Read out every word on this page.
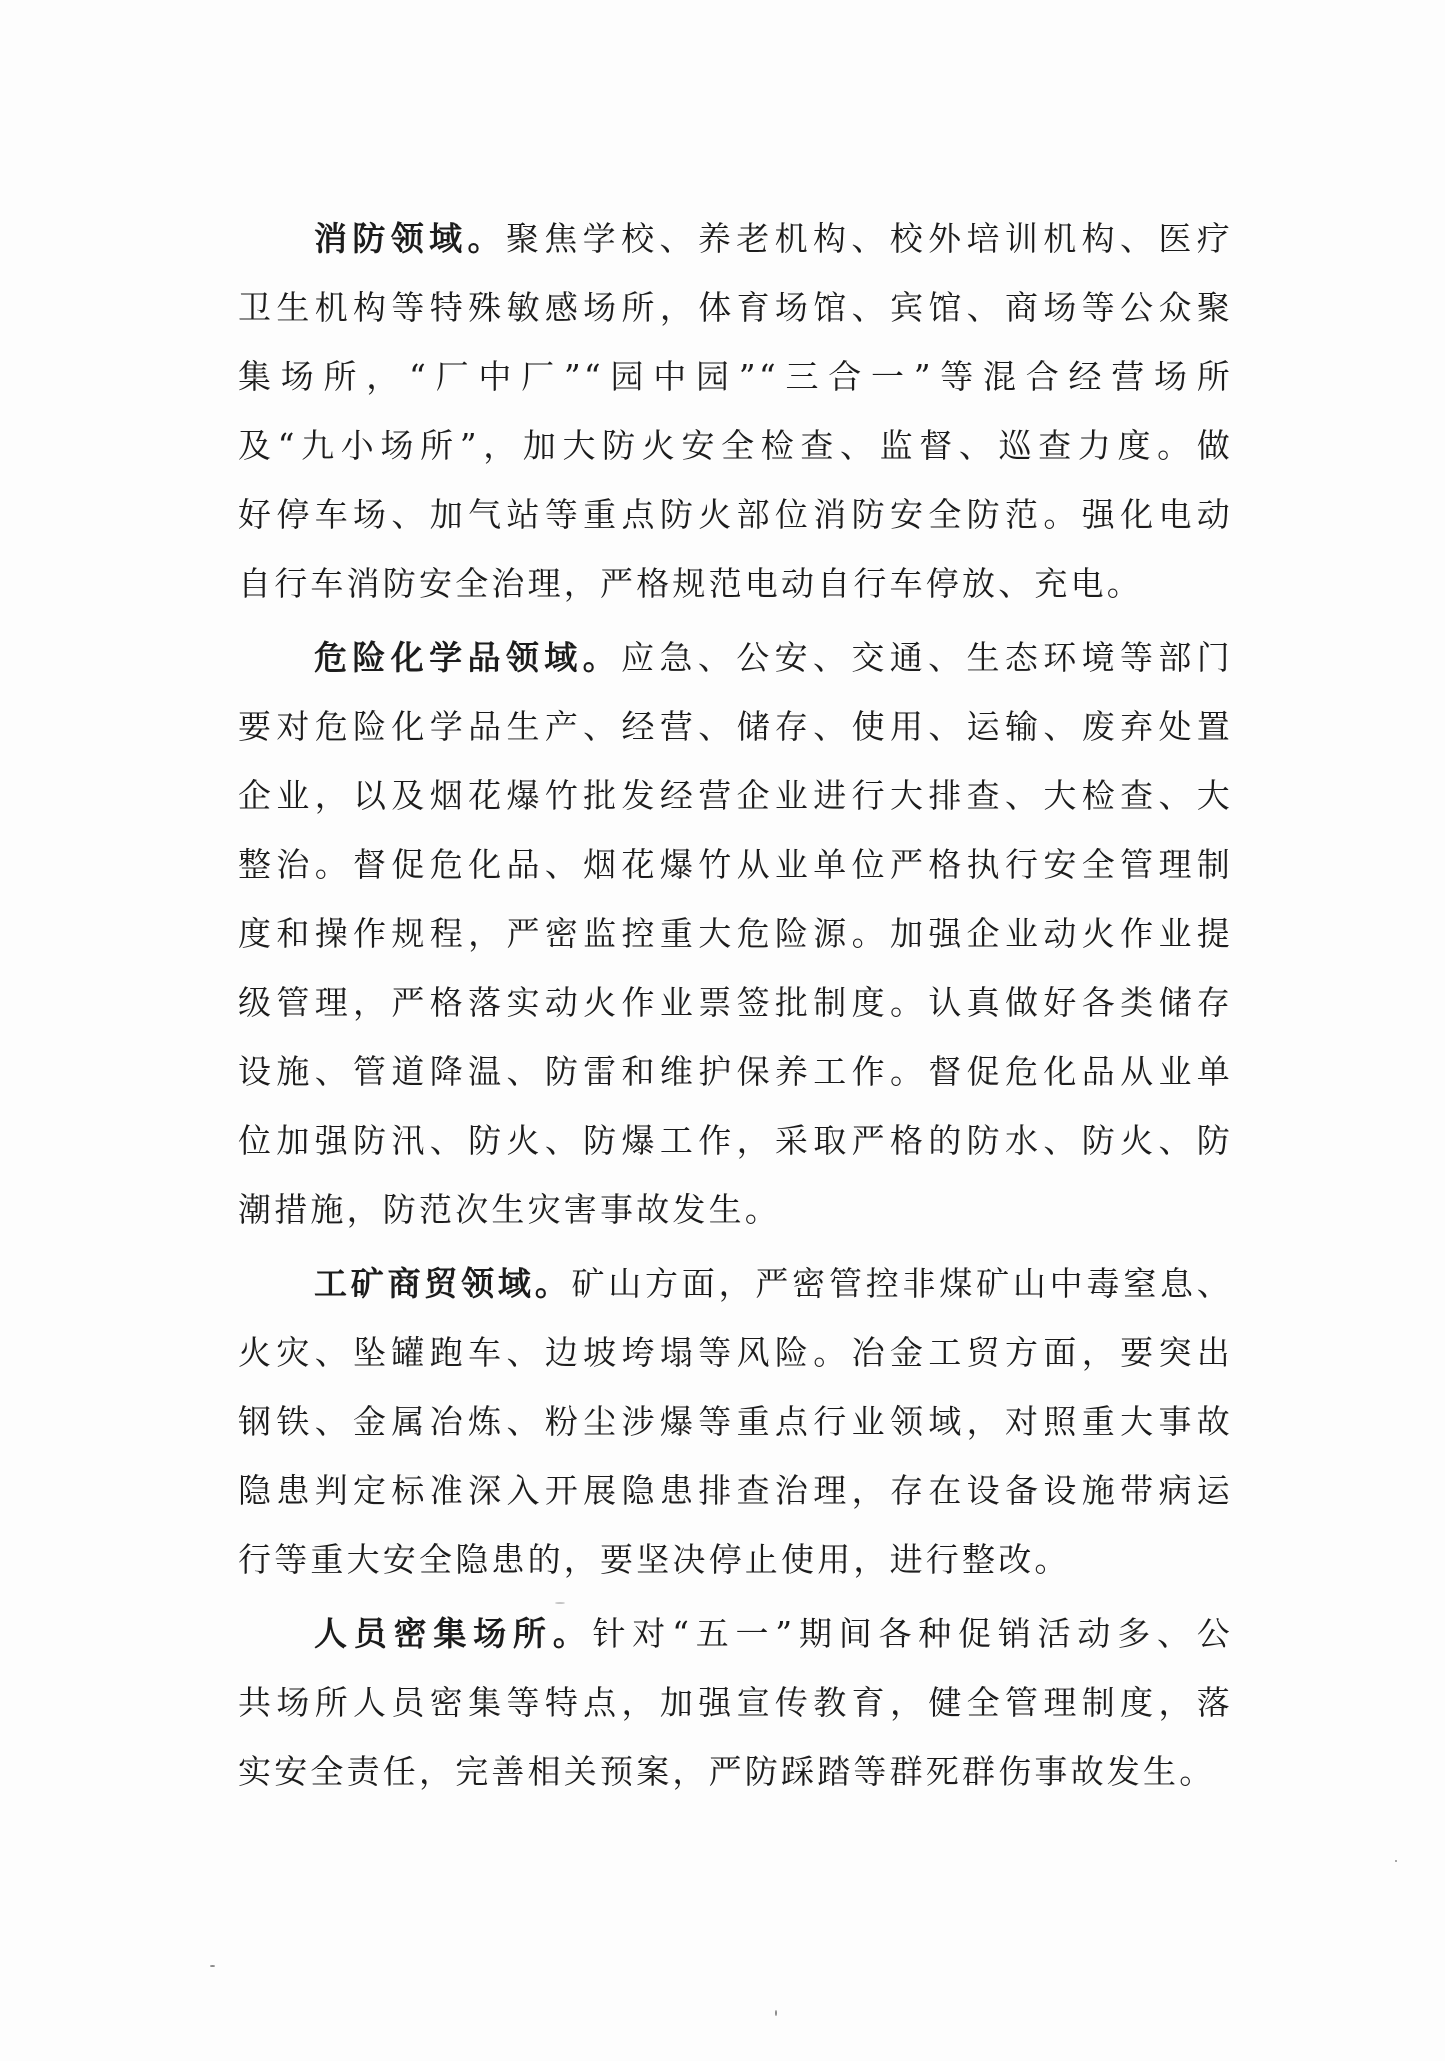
消防领域。聚焦学校、养老机构、校外培训机构、医疗
卫生机构等特殊敏感场所，体育场馆、宾馆、商场等公众聚
集场所，“厂中厂”“园中园”“三合一”等混合经营场所
及“九小场所”，加大防火安全检查、监督、巡查力度。做
好停车场、加气站等重点防火部位消防安全防范。强化电动
自行车消防安全治理，严格规范电动自行车停放、充电。
危险化学品领域。应急、公安、交通、生态环境等部门
要对危险化学品生产、经营、储存、使用、运输、废弃处置
企业，以及烟花爆竹批发经营企业进行大排查、大检查、大
整治。督促危化品、烟花爆竹从业单位严格执行安全管理制
度和操作规程，严密监控重大危险源。加强企业动火作业提
级管理，严格落实动火作业票签批制度。认真做好各类储存
设施、管道降温、防雷和维护保养工作。督促危化品从业单
位加强防汛、防火、防爆工作，采取严格的防水、防火、防
潮措施，防范次生灾害事故发生。
工矿商贸领域。矿山方面，严密管控非煤矿山中毒窒息、
火灾、坠罐跑车、边坡垮塌等风险。冶金工贸方面，要突出
钢铁、金属冶炼、粉尘涉爆等重点行业领域，对照重大事故
隐患判定标准深入开展隐患排查治理，存在设备设施带病运
行等重大安全隐患的，要坚决停止使用，进行整改。
人员密集场所。针对“五一”期间各种促销活动多、公
共场所人员密集等特点，加强宣传教育，健全管理制度，落
实安全责任，完善相关预案，严防踩踏等群死群伤事故发生。
